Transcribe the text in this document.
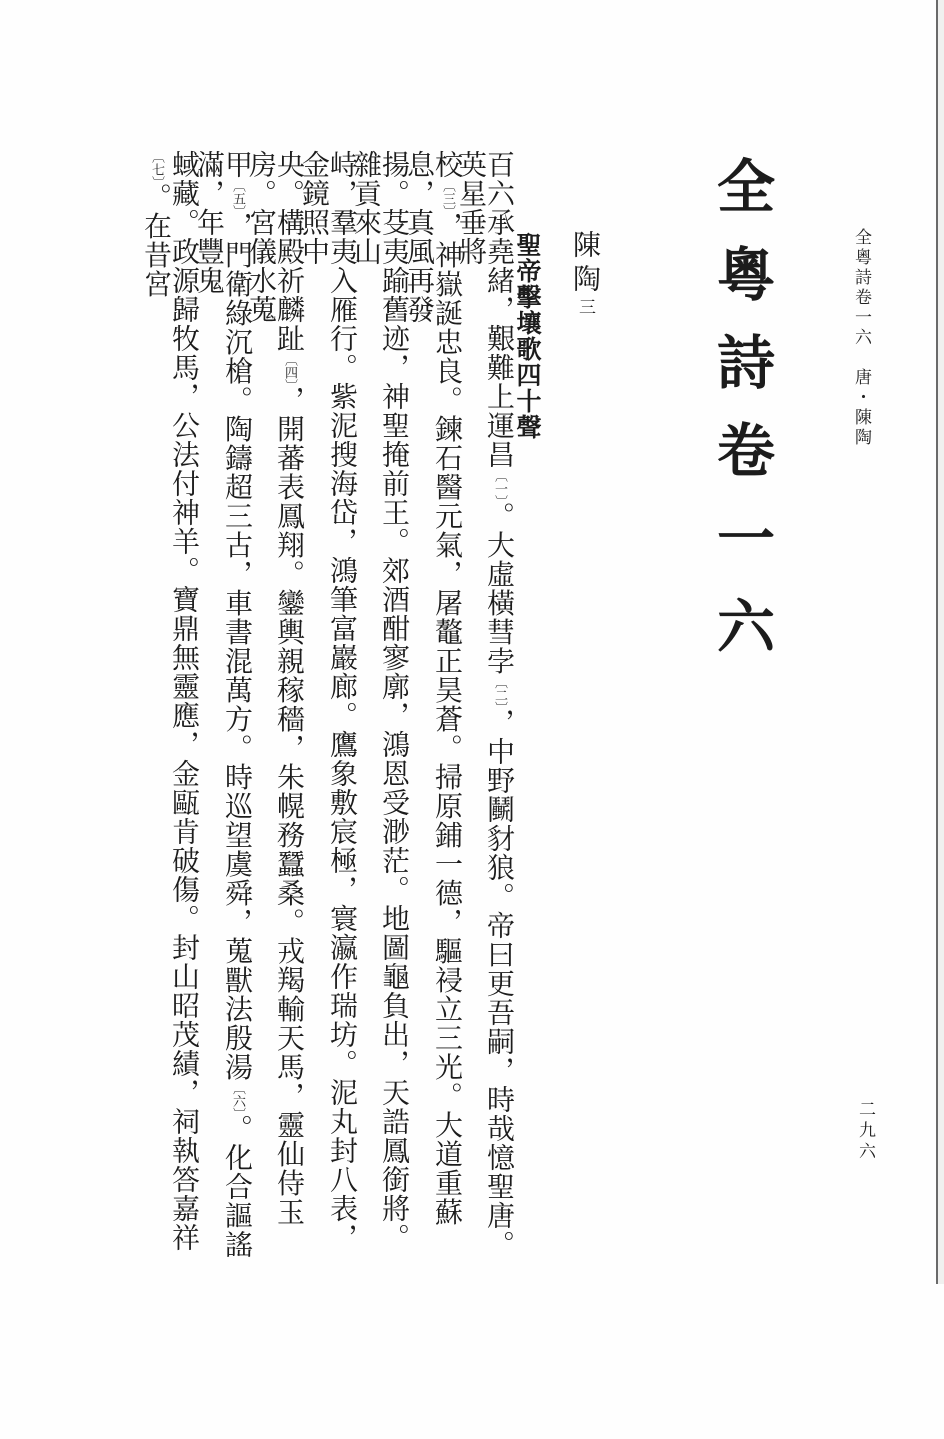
全粵詩卷一六	全粵詩卷一六　唐・陳陶
陳陶三
聖帝擊壤歌四十聲
百六承堯緒，艱難上運昌〔一〕。大虛橫彗孛〔二〕，中野鬭豺狼。帝曰更吾嗣，時哉憶聖唐。英星垂將
校〔三〕，神嶽誕忠良。鍊石醫元氣，屠鼇正昊蒼。掃原鋪一德，驅祲立三光。大道重蘇息，真風再發
揚。芟夷踰舊迹，神聖掩前王。郊酒酣寥廓，鴻恩受渺茫。地圖龜負出，天誥鳳銜將。雜貢來山
峙，羣夷入雁行。紫泥搜海岱，鴻筆富巖廊。鷹象敷宸極，寰瀛作瑞坊。泥丸封八表，金鏡照中
央。構殿祈麟趾〔四〕，開蕃表鳳翔。鑾輿親稼穡，朱幌務蠶桑。戎羯輸天馬，靈仙侍玉房。宮儀水蒐
甲〔五〕，門衛綠沉槍。陶鑄超三古，車書混萬方。時巡望虞舜，蒐獸法殷湯〔六〕。化合謳謠滿，年豐鬼
蜮藏。政源歸牧馬，公法付神羊。寶鼎無靈應，金甌肯破傷。封山昭茂績，祠執答嘉祥〔七〕。在昔宮
二九六
